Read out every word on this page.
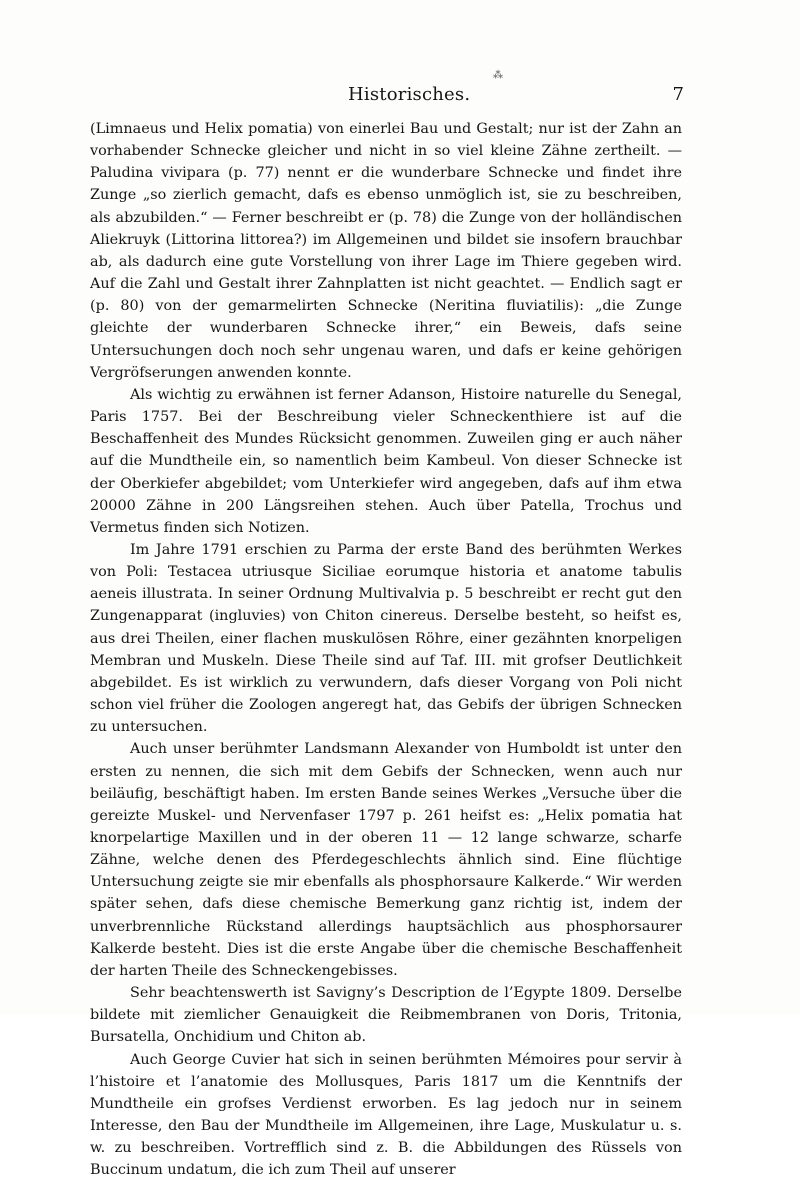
⁂
Historisches.	7

(Limnaeus und Helix pomatia) von einerlei Bau und Gestalt; nur ist der Zahn an vorhabender Schnecke gleicher und nicht in so viel kleine Zähne zertheilt. — Paludina vivipara (p. 77) nennt er die wunderbare Schnecke und findet ihre Zunge „so zierlich gemacht, dafs es ebenso unmöglich ist, sie zu beschreiben, als abzubilden.“ — Ferner beschreibt er (p. 78) die Zunge von der holländischen Aliekruyk (Littorina littorea?) im Allgemeinen und bildet sie insofern brauchbar ab, als dadurch eine gute Vorstellung von ihrer Lage im Thiere gegeben wird. Auf die Zahl und Gestalt ihrer Zahnplatten ist nicht geachtet. — Endlich sagt er (p. 80) von der gemarmelirten Schnecke (Neritina fluviatilis): „die Zunge gleichte der wunderbaren Schnecke ihrer,“ ein Beweis, dafs seine Untersuchungen doch noch sehr ungenau waren, und dafs er keine gehörigen Vergröfserungen anwenden konnte.

Als wichtig zu erwähnen ist ferner Adanson, Histoire naturelle du Senegal, Paris 1757. Bei der Beschreibung vieler Schneckenthiere ist auf die Beschaffenheit des Mundes Rücksicht genommen. Zuweilen ging er auch näher auf die Mundtheile ein, so namentlich beim Kambeul. Von dieser Schnecke ist der Oberkiefer abgebildet; vom Unterkiefer wird angegeben, dafs auf ihm etwa 20000 Zähne in 200 Längsreihen stehen. Auch über Patella, Trochus und Vermetus finden sich Notizen.

Im Jahre 1791 erschien zu Parma der erste Band des berühmten Werkes von Poli: Testacea utriusque Siciliae eorumque historia et anatome tabulis aeneis illustrata. In seiner Ordnung Multivalvia p. 5 beschreibt er recht gut den Zungenapparat (ingluvies) von Chiton cinereus. Derselbe besteht, so heifst es, aus drei Theilen, einer flachen muskulösen Röhre, einer gezähnten knorpeligen Membran und Muskeln. Diese Theile sind auf Taf. III. mit grofser Deutlichkeit abgebildet. Es ist wirklich zu verwundern, dafs dieser Vorgang von Poli nicht schon viel früher die Zoologen angeregt hat, das Gebifs der übrigen Schnecken zu untersuchen.

Auch unser berühmter Landsmann Alexander von Humboldt ist unter den ersten zu nennen, die sich mit dem Gebifs der Schnecken, wenn auch nur beiläufig, beschäftigt haben. Im ersten Bande seines Werkes „Versuche über die gereizte Muskel- und Nervenfaser 1797 p. 261 heifst es: „Helix pomatia hat knorpelartige Maxillen und in der oberen 11 — 12 lange schwarze, scharfe Zähne, welche denen des Pferdegeschlechts ähnlich sind. Eine flüchtige Untersuchung zeigte sie mir ebenfalls als phosphorsaure Kalkerde.“ Wir werden später sehen, dafs diese chemische Bemerkung ganz richtig ist, indem der unverbrennliche Rückstand allerdings hauptsächlich aus phosphorsaurer Kalkerde besteht. Dies ist die erste Angabe über die chemische Beschaffenheit der harten Theile des Schneckengebisses.

Sehr beachtenswerth ist Savigny’s Description de l’Egypte 1809. Derselbe bildete mit ziemlicher Genauigkeit die Reibmembranen von Doris, Tritonia, Bursatella, Onchidium und Chiton ab.

Auch George Cuvier hat sich in seinen berühmten Mémoires pour servir à l’histoire et l’anatomie des Mollusques, Paris 1817 um die Kenntnifs der Mundtheile ein grofses Verdienst erworben. Es lag jedoch nur in seinem Interesse, den Bau der Mundtheile im Allgemeinen, ihre Lage, Muskulatur u. s. w. zu beschreiben. Vortrefflich sind z. B. die Abbildungen des Rüssels von Buccinum undatum, die ich zum Theil auf unserer
